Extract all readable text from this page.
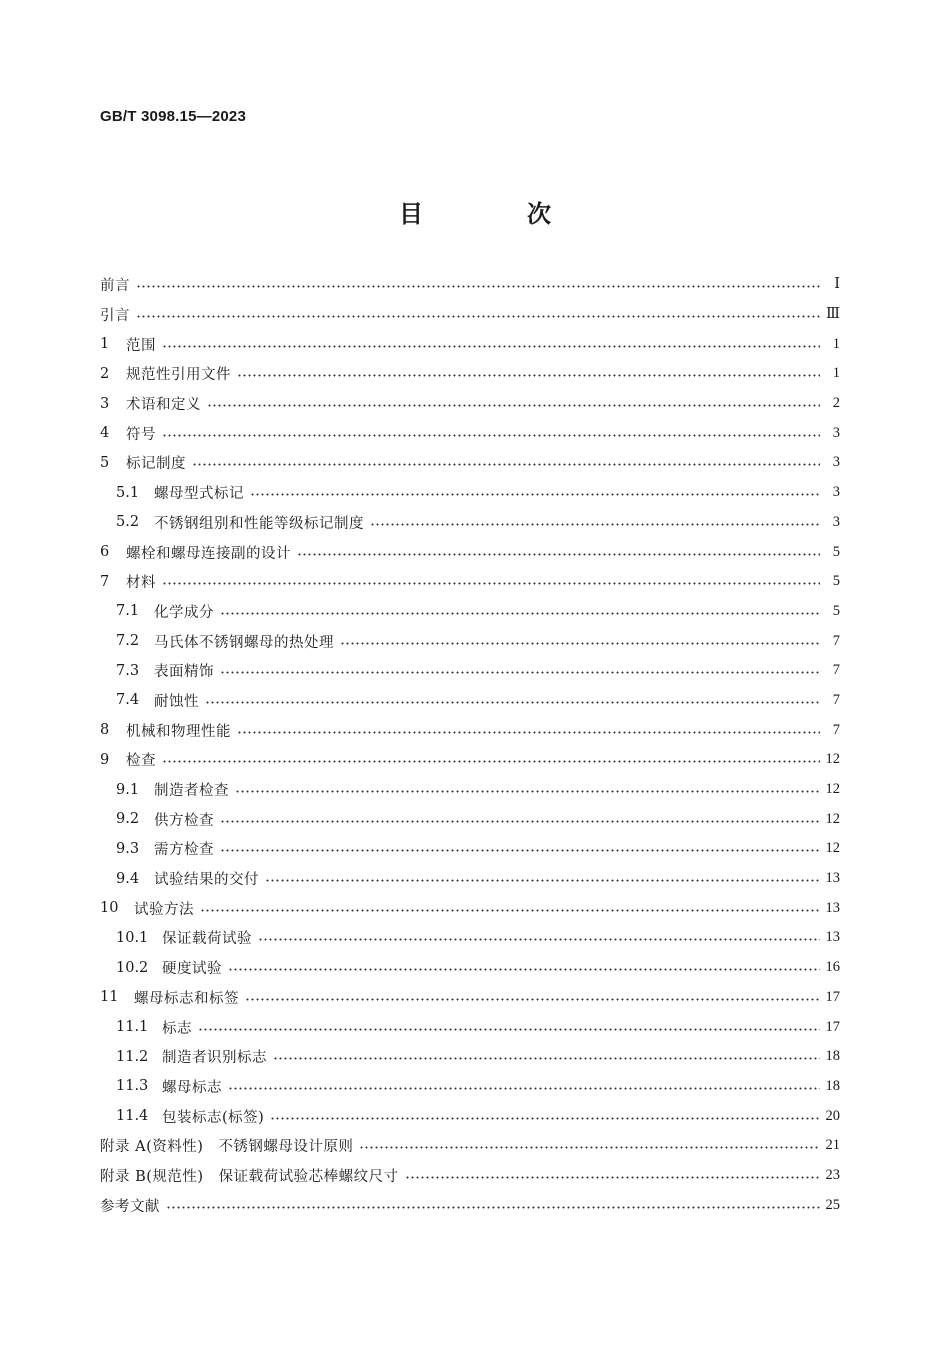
GB/T 3098.15—2023
目　次
前言	Ⅰ
引言	Ⅲ
1	范围	1
2	规范性引用文件	1
3	术语和定义	2
4	符号	3
5	标记制度	3
5.1	螺母型式标记	3
5.2	不锈钢组别和性能等级标记制度	3
6	螺栓和螺母连接副的设计	5
7	材料	5
7.1	化学成分	5
7.2	马氏体不锈钢螺母的热处理	7
7.3	表面精饰	7
7.4	耐蚀性	7
8	机械和物理性能	7
9	检查	12
9.1	制造者检查	12
9.2	供方检查	12
9.3	需方检查	12
9.4	试验结果的交付	13
10	试验方法	13
10.1 保证载荷试验	13
10.2 硬度试验	16
11	螺母标志和标签	17
11.1 标志	17
11.2 制造者识别标志	18
11.3 螺母标志	18
11.4 包装标志(标签)	20
附录 A(资料性)　不锈钢螺母设计原则	21
附录 B(规范性)　保证载荷试验芯棒螺纹尺寸	23
参考文献	25
